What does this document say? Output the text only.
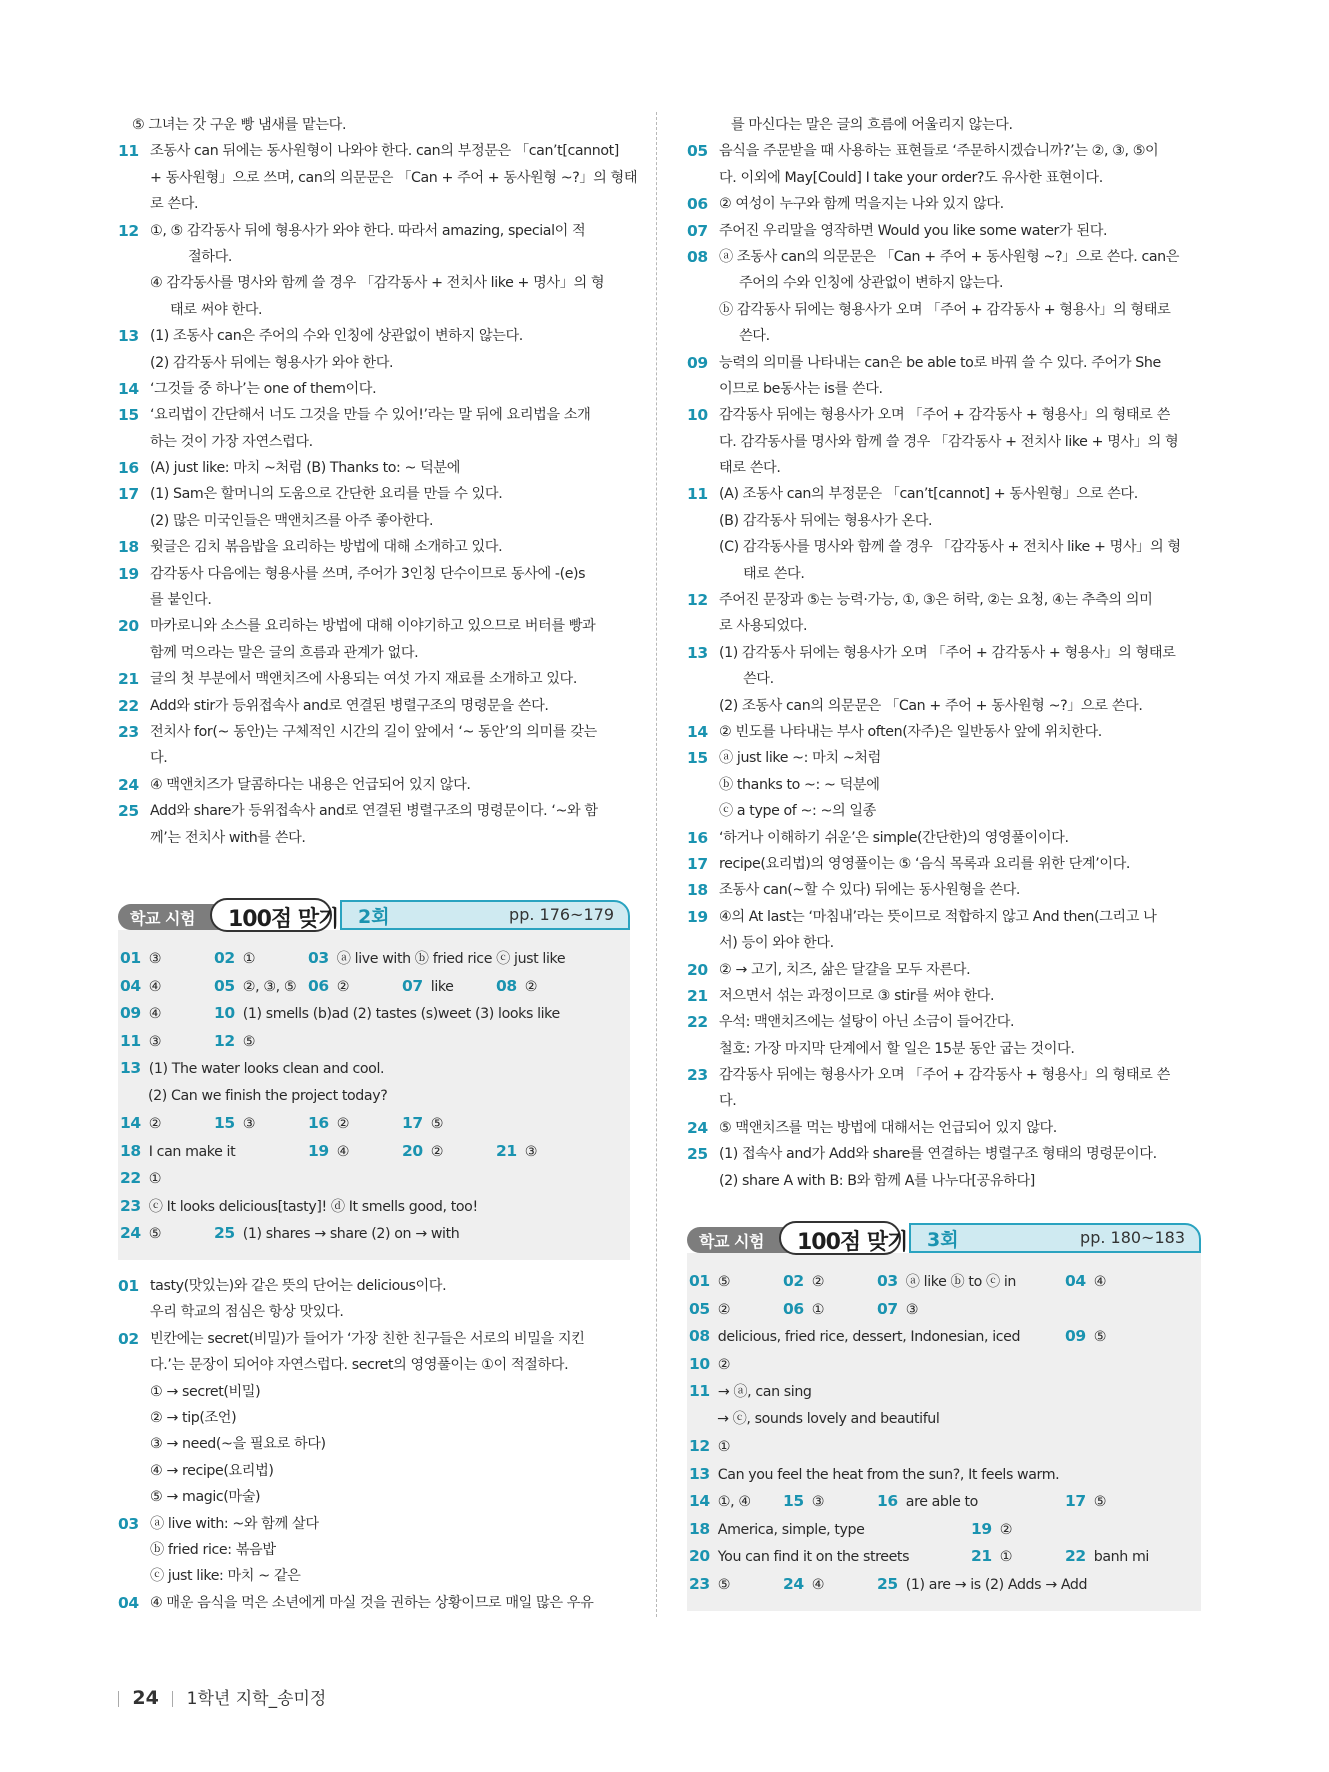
⑤ 그녀는 갓 구운 빵 냄새를 맡는다.
11 조동사 can 뒤에는 동사원형이 나와야 한다. can의 부정문은 「can’t[cannot]
+ 동사원형」으로 쓰며, can의 의문문은 「Can + 주어 + 동사원형 ~?」의 형태
로 쓴다.
12 ①, ⑤ 감각동사 뒤에 형용사가 와야 한다. 따라서 amazing, special이 적
절하다.
④ 감각동사를 명사와 함께 쓸 경우 「감각동사 + 전치사 like + 명사」의 형
태로 써야 한다.
13 (1) 조동사 can은 주어의 수와 인칭에 상관없이 변하지 않는다.
(2) 감각동사 뒤에는 형용사가 와야 한다.
14 ‘그것들 중 하나’는 one of them이다.
15 ‘요리법이 간단해서 너도 그것을 만들 수 있어!’라는 말 뒤에 요리법을 소개
하는 것이 가장 자연스럽다.
16 (A) just like: 마치 ~처럼 (B) Thanks to: ~ 덕분에
17 (1) Sam은 할머니의 도움으로 간단한 요리를 만들 수 있다.
(2) 많은 미국인들은 맥앤치즈를 아주 좋아한다.
18 윗글은 김치 볶음밥을 요리하는 방법에 대해 소개하고 있다.
19 감각동사 다음에는 형용사를 쓰며, 주어가 3인칭 단수이므로 동사에 -(e)s
를 붙인다.
20 마카로니와 소스를 요리하는 방법에 대해 이야기하고 있으므로 버터를 빵과
함께 먹으라는 말은 글의 흐름과 관계가 없다.
21 글의 첫 부분에서 맥앤치즈에 사용되는 여섯 가지 재료를 소개하고 있다.
22 Add와 stir가 등위접속사 and로 연결된 병렬구조의 명령문을 쓴다.
23 전치사 for(~ 동안)는 구체적인 시간의 길이 앞에서 ‘~ 동안’의 의미를 갖는
다.
24 ④ 맥앤치즈가 달콤하다는 내용은 언급되어 있지 않다.
25 Add와 share가 등위접속사 and로 연결된 병렬구조의 명령문이다. ‘~와 함
께’는 전치사 with를 쓴다.
학교 시험 100점 맞기 2회	pp. 176~179
01 ③	02 ①	03 ⓐ live with ⓑ fried rice ⓒ just like
04 ④	05 ②, ③, ⑤ 06 ②	07 like	08 ②
09 ④	10 (1) smells (b)ad (2) tastes (s)weet (3) looks like
11 ③	12 ⑤
13 (1) The water looks clean and cool.
(2) Can we finish the project today?
14 ②	15 ③	16 ②	17 ⑤
18 I can make it	19 ④	20 ②	21 ③
22 ①
23 ⓒ It looks delicious[tasty]! ⓓ It smells good, too!
24 ⑤	25 (1) shares → share (2) on → with
01 tasty(맛있는)와 같은 뜻의 단어는 delicious이다.
우리 학교의 점심은 항상 맛있다.
02 빈칸에는 secret(비밀)가 들어가 ‘가장 친한 친구들은 서로의 비밀을 지킨
다.’는 문장이 되어야 자연스럽다. secret의 영영풀이는 ①이 적절하다.
① → secret(비밀)
② → tip(조언)
③ → need(~을 필요로 하다)
④ → recipe(요리법)
⑤ → magic(마술)
03 ⓐ live with: ~와 함께 살다
ⓑ fried rice: 볶음밥
ⓒ just like: 마치 ~ 같은
04 ④ 매운 음식을 먹은 소년에게 마실 것을 권하는 상황이므로 매일 많은 우유
를 마신다는 말은 글의 흐름에 어울리지 않는다.
05 음식을 주문받을 때 사용하는 표현들로 ‘주문하시겠습니까?’는 ②, ③, ⑤이
다. 이외에 May[Could] I take your order?도 유사한 표현이다.
06 ② 여성이 누구와 함께 먹을지는 나와 있지 않다.
07 주어진 우리말을 영작하면 Would you like some water가 된다.
08 ⓐ 조동사 can의 의문문은 「Can + 주어 + 동사원형 ~?」으로 쓴다. can은
주어의 수와 인칭에 상관없이 변하지 않는다.
ⓑ 감각동사 뒤에는 형용사가 오며 「주어 + 감각동사 + 형용사」의 형태로
쓴다.
09 능력의 의미를 나타내는 can은 be able to로 바꿔 쓸 수 있다. 주어가 She
이므로 be동사는 is를 쓴다.
10 감각동사 뒤에는 형용사가 오며 「주어 + 감각동사 + 형용사」의 형태로 쓴
다. 감각동사를 명사와 함께 쓸 경우 「감각동사 + 전치사 like + 명사」의 형
태로 쓴다.
11 (A) 조동사 can의 부정문은 「can’t[cannot] + 동사원형」으로 쓴다.
(B) 감각동사 뒤에는 형용사가 온다.
(C) 감각동사를 명사와 함께 쓸 경우 「감각동사 + 전치사 like + 명사」의 형
태로 쓴다.
12 주어진 문장과 ⑤는 능력·가능, ①, ③은 허락, ②는 요청, ④는 추측의 의미
로 사용되었다.
13 (1) 감각동사 뒤에는 형용사가 오며 「주어 + 감각동사 + 형용사」의 형태로
쓴다.
(2) 조동사 can의 의문문은 「Can + 주어 + 동사원형 ~?」으로 쓴다.
14 ② 빈도를 나타내는 부사 often(자주)은 일반동사 앞에 위치한다.
15 ⓐ just like ~: 마치 ~처럼
ⓑ thanks to ~: ~ 덕분에
ⓒ a type of ~: ~의 일종
16 ‘하거나 이해하기 쉬운’은 simple(간단한)의 영영풀이이다.
17 recipe(요리법)의 영영풀이는 ⑤ ‘음식 목록과 요리를 위한 단계’이다.
18 조동사 can(~할 수 있다) 뒤에는 동사원형을 쓴다.
19 ④의 At last는 ‘마침내’라는 뜻이므로 적합하지 않고 And then(그리고 나
서) 등이 와야 한다.
20 ② → 고기, 치즈, 삶은 달걀을 모두 자른다.
21 저으면서 섞는 과정이므로 ③ stir를 써야 한다.
22 우석: 맥앤치즈에는 설탕이 아닌 소금이 들어간다.
철호: 가장 마지막 단계에서 할 일은 15분 동안 굽는 것이다.
23 감각동사 뒤에는 형용사가 오며 「주어 + 감각동사 + 형용사」의 형태로 쓴
다.
24 ⑤ 맥앤치즈를 먹는 방법에 대해서는 언급되어 있지 않다.
25 (1) 접속사 and가 Add와 share를 연결하는 병렬구조 형태의 명령문이다.
(2) share A with B: B와 함께 A를 나누다[공유하다]
학교 시험 100점 맞기 3회	pp. 180~183
01 ⑤	02 ②	03 ⓐ like ⓑ to ⓒ in	04 ④
05 ②	06 ①	07 ③
08 delicious, fried rice, dessert, Indonesian, iced	09 ⑤
10 ②
11 → ⓐ, can sing
→ ⓒ, sounds lovely and beautiful
12 ①
13 Can you feel the heat from the sun?, It feels warm.
14 ①, ④ 15 ③	16 are able to	17 ⑤
18 America, simple, type	19 ②
20 You can find it on the streets	21 ①	22 banh mi
23 ⑤	24 ④	25 (1) are → is (2) Adds → Add
24 1학년 지학_송미정
